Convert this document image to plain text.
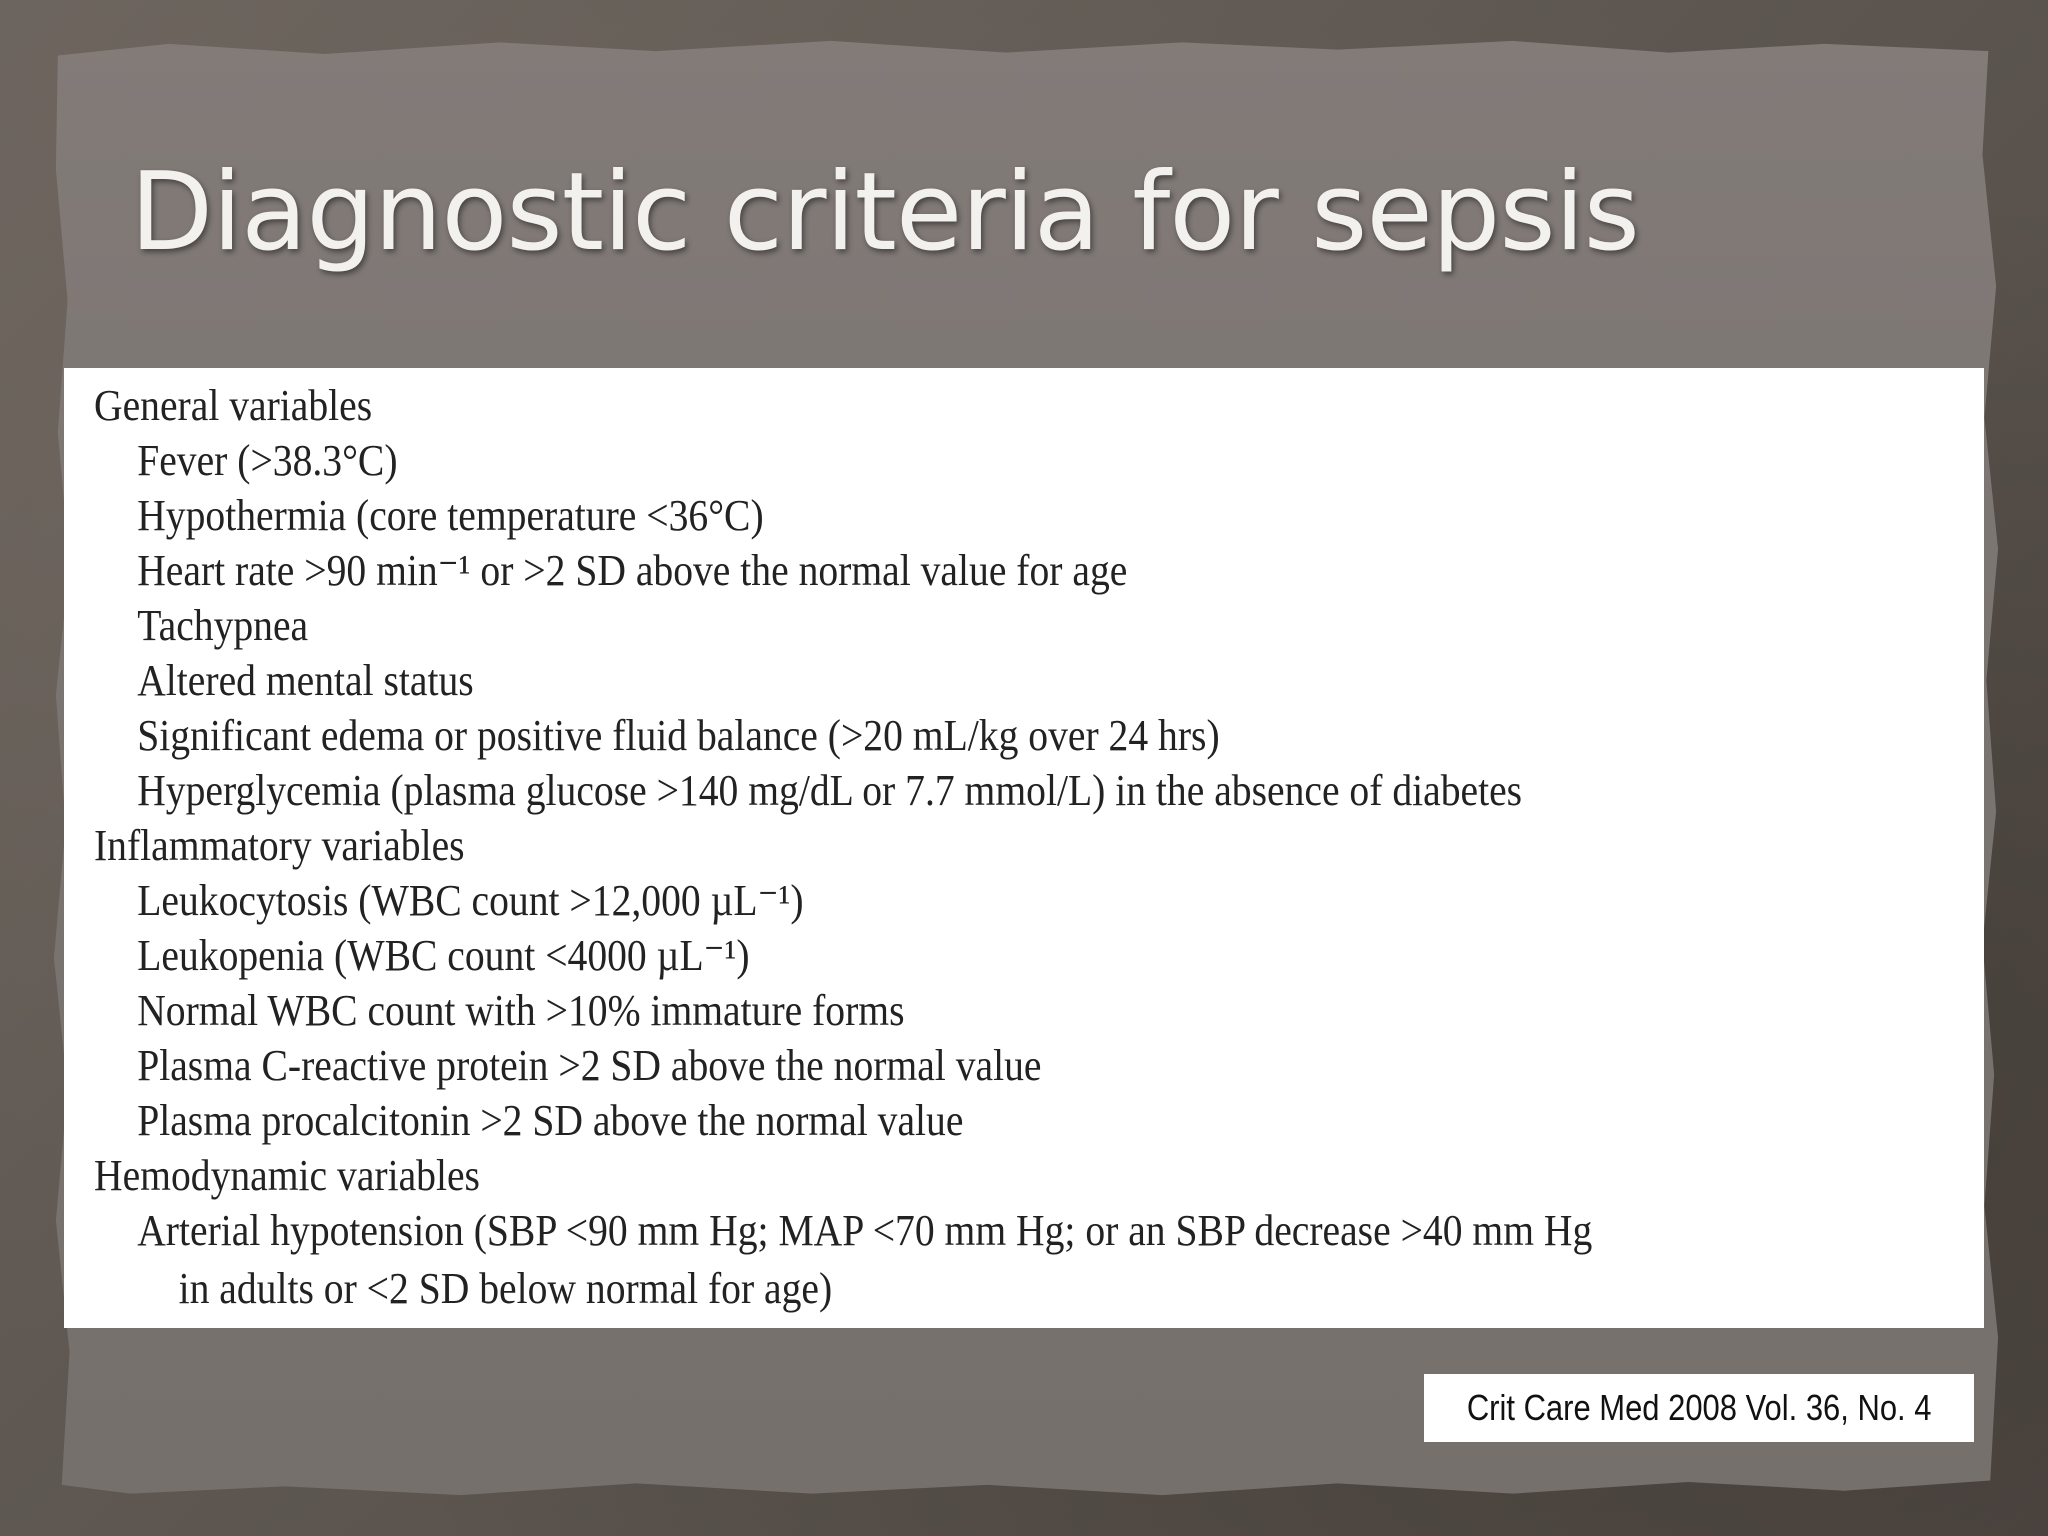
Diagnostic criteria for sepsis
General variables
Fever (>38.3°C)
Hypothermia (core temperature <36°C)
Heart rate >90 min⁻¹ or >2 SD above the normal value for age
Tachypnea
Altered mental status
Significant edema or positive fluid balance (>20 mL/kg over 24 hrs)
Hyperglycemia (plasma glucose >140 mg/dL or 7.7 mmol/L) in the absence of diabetes
Inflammatory variables
Leukocytosis (WBC count >12,000 µL⁻¹)
Leukopenia (WBC count <4000 µL⁻¹)
Normal WBC count with >10% immature forms
Plasma C-reactive protein >2 SD above the normal value
Plasma procalcitonin >2 SD above the normal value
Hemodynamic variables
Arterial hypotension (SBP <90 mm Hg; MAP <70 mm Hg; or an SBP decrease >40 mm Hg
in adults or <2 SD below normal for age)
Crit Care Med 2008 Vol. 36, No. 4
